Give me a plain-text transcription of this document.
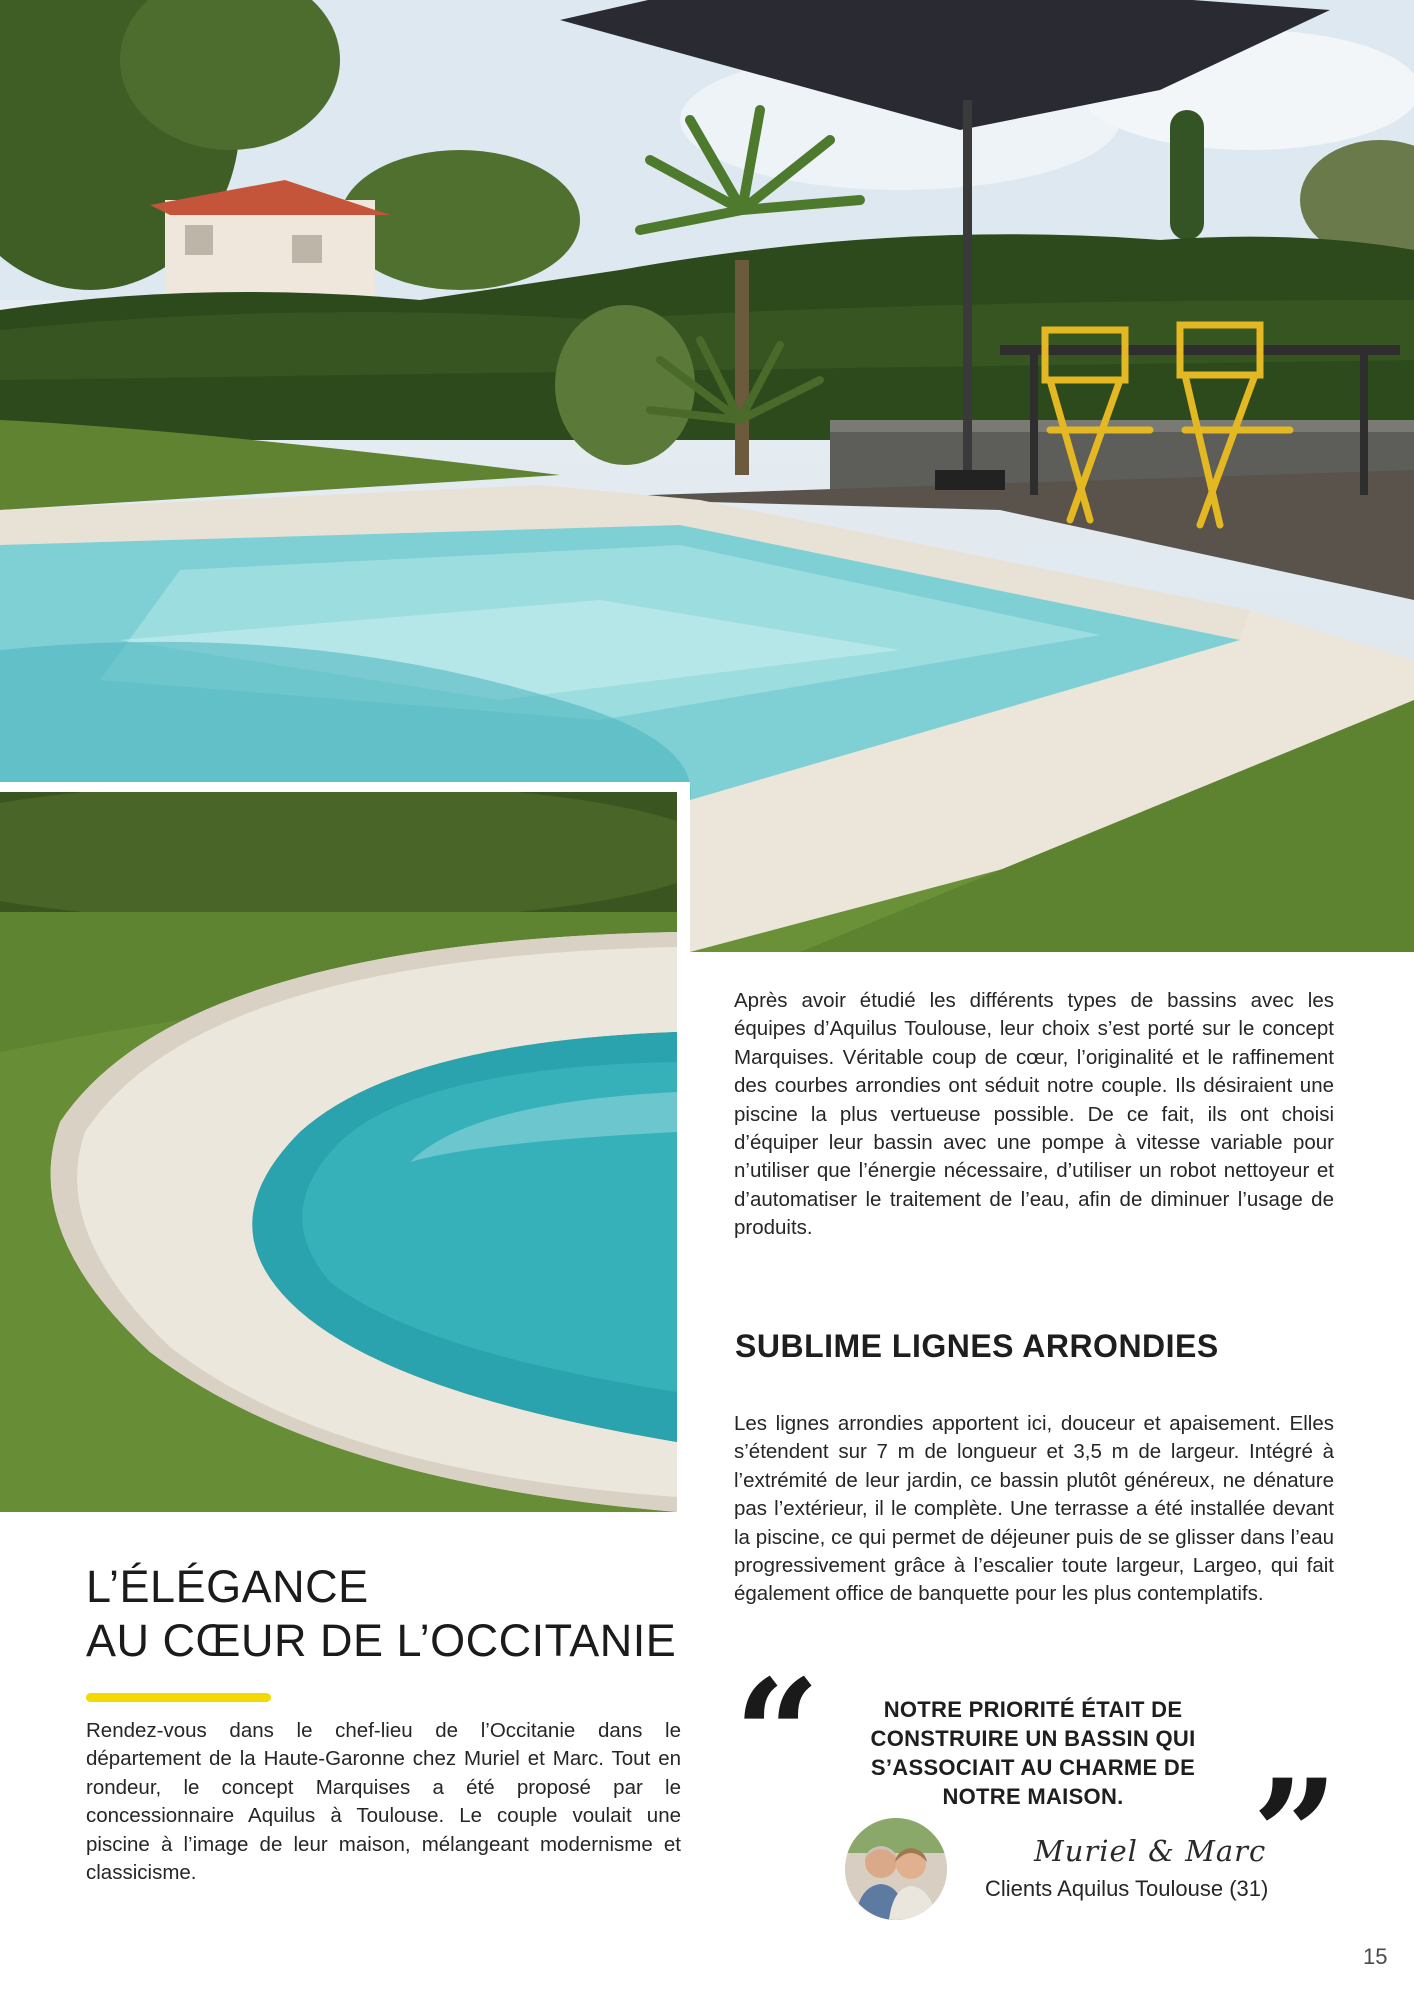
Après avoir étudié les différents types de bassins avec les équipes d’Aquilus Toulouse, leur choix s’est porté sur le concept Marquises. Véritable coup de cœur, l’originalité et le raffinement des courbes arrondies ont séduit notre couple. Ils désiraient une piscine la plus vertueuse possible. De ce fait, ils ont choisi d’équiper leur bassin avec une pompe à vitesse variable pour n’utiliser que l’énergie nécessaire, d’utiliser un robot nettoyeur et d’automatiser le traitement de l’eau, afin de diminuer l’usage de produits.

SUBLIME LIGNES ARRONDIES

Les lignes arrondies apportent ici, douceur et apaisement. Elles s’étendent sur 7 m de longueur et 3,5 m de largeur. Intégré à l’extrémité de leur jardin, ce bassin plutôt généreux, ne dénature pas l’extérieur, il le complète. Une terrasse a été installée devant la piscine, ce qui permet de déjeuner puis de se glisser dans l’eau progressivement grâce à l’escalier toute largeur, Largeo, qui fait également office de banquette pour les plus contemplatifs.

L’ÉLÉGANCE
AU CŒUR DE L’OCCITANIE

Rendez-vous dans le chef-lieu de l’Occitanie dans le département de la Haute-Garonne chez Muriel et Marc. Tout en rondeur, le concept Marquises a été proposé par le concessionnaire Aquilus à Toulouse. Le couple voulait une piscine à l’image de leur maison, mélangeant modernisme et classicisme.

“	NOTRE PRIORITÉ ÉTAIT DE CONSTRUIRE UN BASSIN QUI S’ASSOCIAIT AU CHARME DE NOTRE MAISON. ”
Muriel & Marc
Clients Aquilus Toulouse (31)
15
